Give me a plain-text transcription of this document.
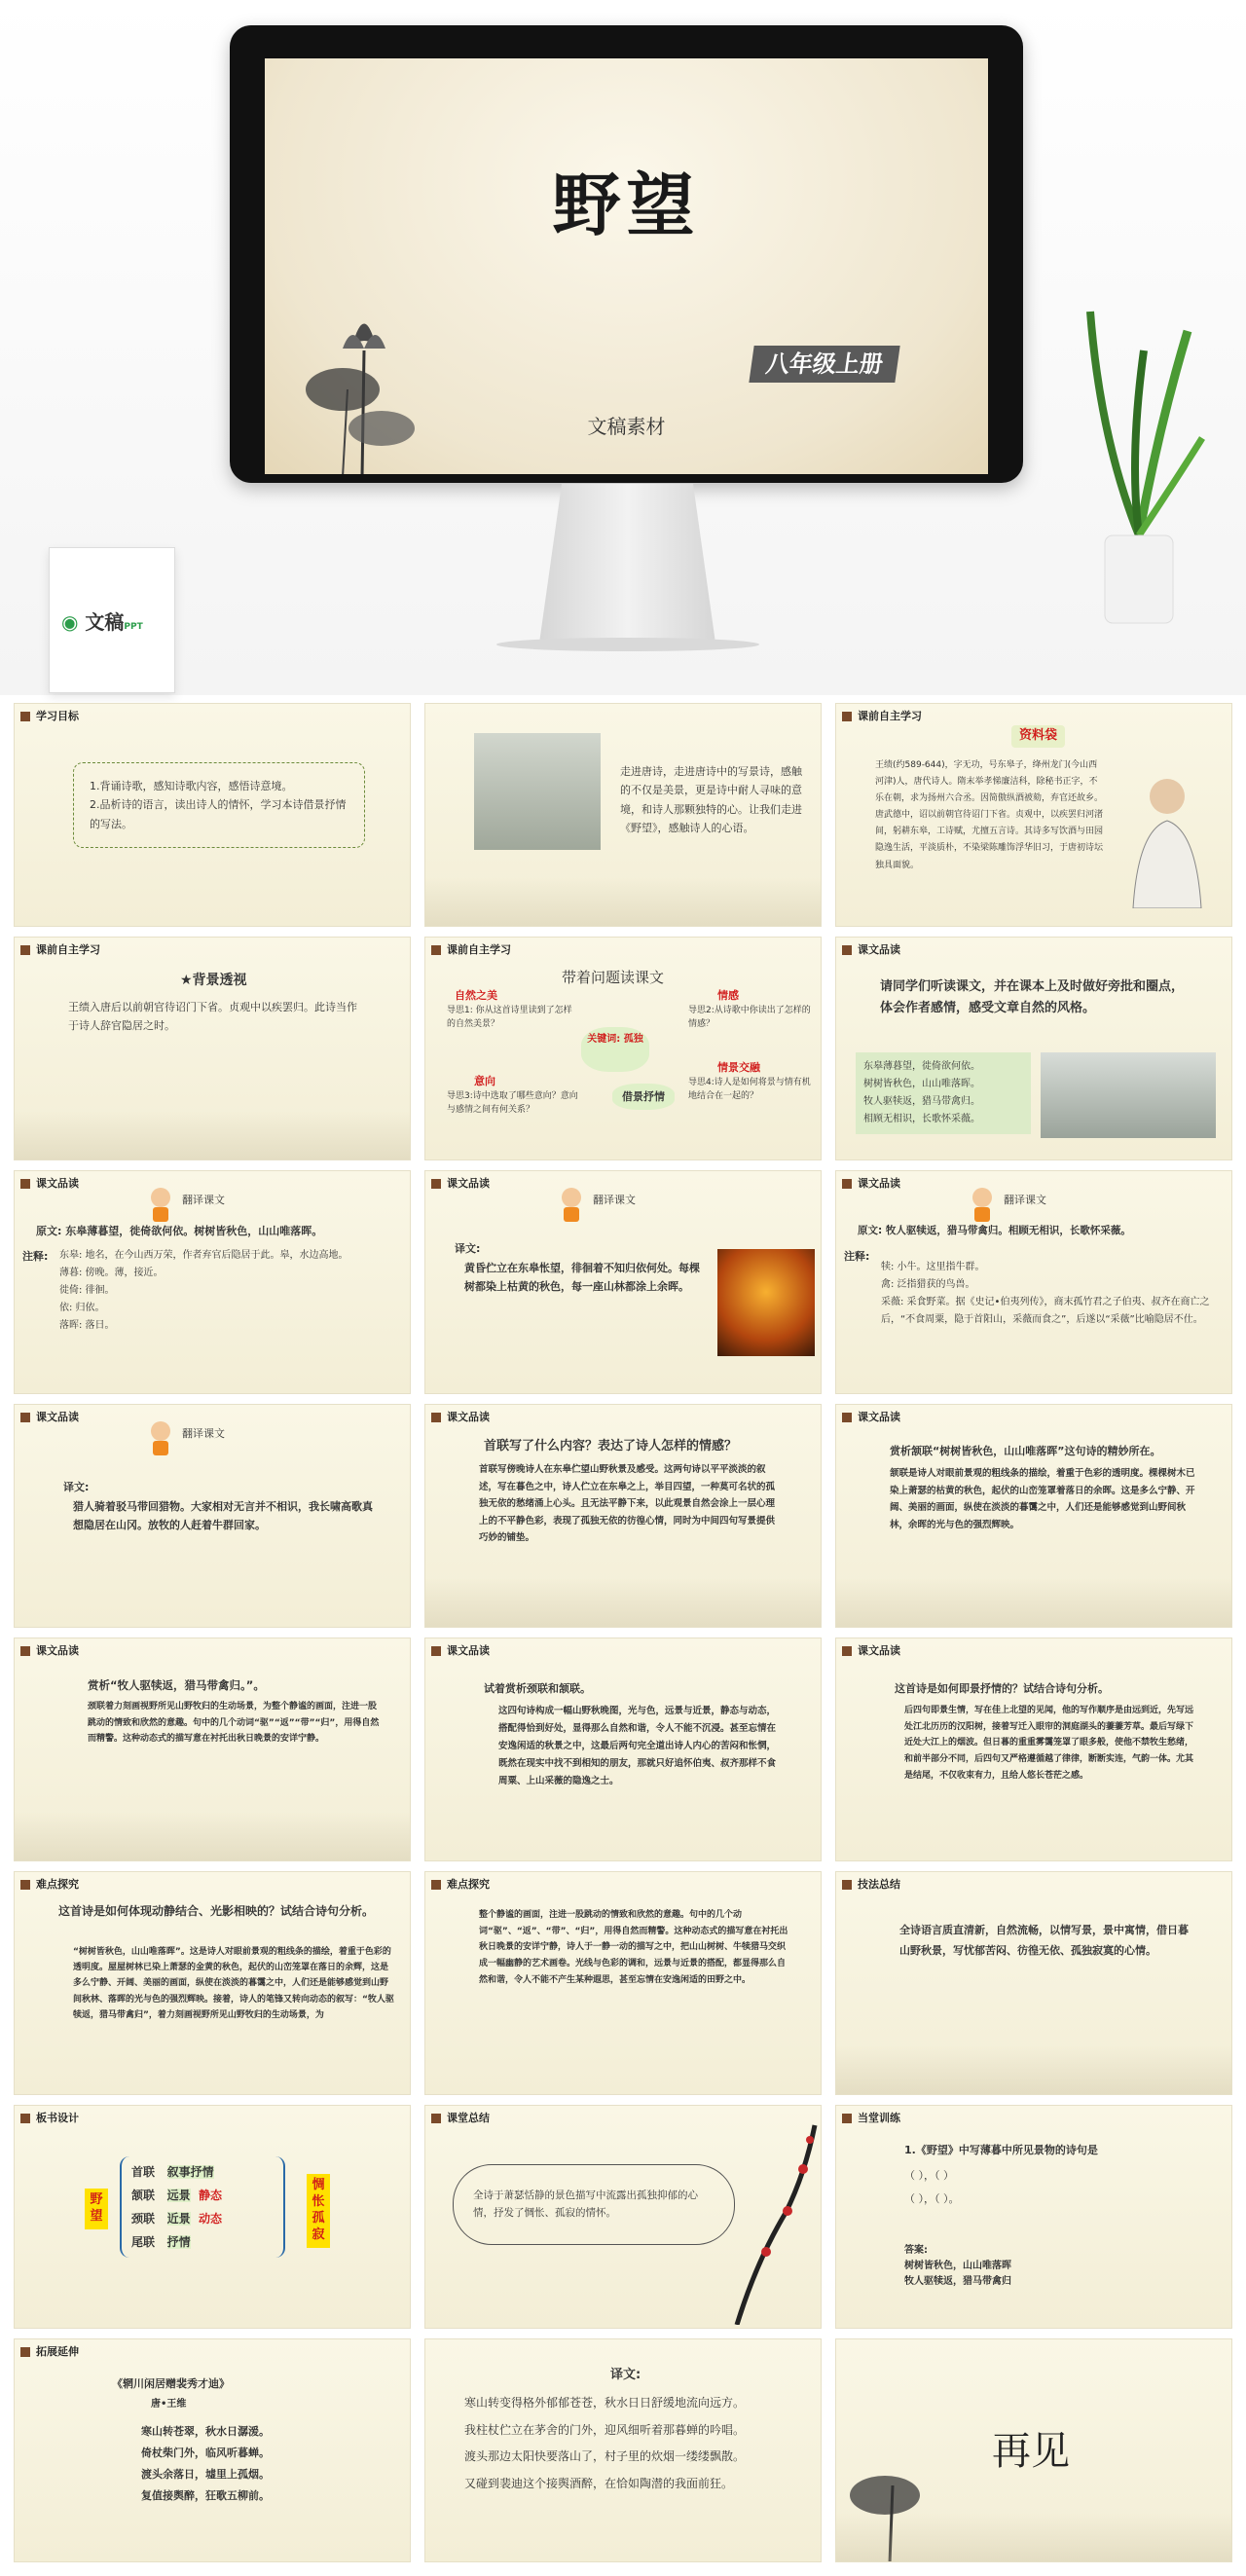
野望
八年级上册
文稿素材
◉ 文稿PPT
学习目标

1.背诵诗歌，感知诗歌内容，感悟诗意境。

2.品析诗的语言，读出诗人的情怀，学习本诗借景抒情的写法。

走进唐诗，走进唐诗中的写景诗，感触的不仅是美景，更是诗中耐人寻味的意境，和诗人那颗独特的心。让我们走进《野望》，感触诗人的心语。
课前自主学习
资料袋
王绩(约589-644)，字无功，号东皋子，绛州龙门(今山西河津)人，唐代诗人。隋末举孝悌廉洁科，除秘书正字，不乐在朝，求为扬州六合丞。因简傲纵酒被劾，弃官还故乡。唐武德中，诏以前朝官待诏门下省。贞观中，以疾罢归河渚间，躬耕东皋，工诗赋，尤擅五言诗。其诗多写饮酒与田园隐逸生活，平淡质朴，不染梁陈雕饰浮华旧习，于唐初诗坛独具面貌。
课前自主学习
★背景透视
王绩入唐后以前朝官待诏门下省。贞观中以疾罢归。此诗当作于诗人辞官隐居之时。
课前自主学习
带着问题读课文
自然之美
导思1: 你从这首诗里读到了怎样的自然美景？
意向
导思3:诗中选取了哪些意向？意向与感情之间有何关系？
关键词: 孤独
借景抒情
情感
导思2:从诗歌中你读出了怎样的情感？
情景交融
导思4:诗人是如何将景与情有机地结合在一起的？
课文品读
请同学们听读课文，并在课本上及时做好旁批和圈点，体会作者感情，感受文章自然的风格。
东皋薄暮望，徙倚欲何依。
树树皆秋色，山山唯落晖。
牧人驱犊返，猎马带禽归。
相顾无相识，长歌怀采薇。
课文品读
翻译课文
原文: 东皋薄暮望，徙倚欲何依。树树皆秋色，山山唯落晖。
注释: 东皋: 地名，在今山西万荣，作者弃官后隐居于此。皋，水边高地。
薄暮: 傍晚。薄，接近。
徙倚: 徘徊。
依: 归依。
落晖: 落日。
课文品读
翻译课文
译文:
黄昏伫立在东皋怅望，徘徊着不知归依何处。每棵树都染上枯黄的秋色，每一座山林都涂上余晖。
课文品读
翻译课文
原文: 牧人驱犊返，猎马带禽归。相顾无相识，长歌怀采薇。
注释:
犊: 小牛。这里指牛群。
禽: 泛指猎获的鸟兽。
采薇: 采食野菜。据《史记•伯夷列传》，商末孤竹君之子伯夷、叔齐在商亡之后，“不食周粟，隐于首阳山，采薇而食之”，后遂以“采薇”比喻隐居不仕。
课文品读
翻译课文
译文:
猎人骑着驳马带回猎物。大家相对无言并不相识，我长啸高歌真想隐居在山冈。放牧的人赶着牛群回家。
课文品读
首联写了什么内容？表达了诗人怎样的情感？
首联写傍晚诗人在东皋伫望山野秋景及感受。这两句诗以平平淡淡的叙述，写在暮色之中，诗人伫立在东皋之上，举目四望，一种莫可名状的孤独无依的愁绪涌上心头。且无法平静下来，以此观景自然会涂上一层心理上的不平静色彩，表现了孤独无依的彷徨心情，同时为中间四句写景提供巧妙的铺垫。
课文品读
赏析颔联“树树皆秋色，山山唯落晖”这句诗的精妙所在。
颔联是诗人对眼前景观的粗线条的描绘，着重于色彩的透明度。棵棵树木已染上萧瑟的枯黄的秋色，起伏的山峦笼罩着落日的余晖。这是多么宁静、开阔、美丽的画面，纵使在淡淡的暮霭之中，人们还是能够感觉到山野间秋林，余晖的光与色的强烈辉映。
课文品读
赏析“牧人驱犊返，猎马带禽归。”。
颈联着力刻画视野所见山野牧归的生动场景，为整个静谧的画面，注进一股跳动的情致和欣然的意趣。句中的几个动词“驱”“返”“带”“归”，用得自然而精警。这种动态式的描写意在衬托出秋日晚景的安详宁静。
课文品读
试着赏析颈联和颔联。
这四句诗构成一幅山野秋晚图，光与色，远景与近景，静态与动态，搭配得恰到好处，显得那么自然和谐，令人不能不沉浸。甚至忘情在安逸闲适的秋景之中，这最后两句完全道出诗人内心的苦闷和怅惘，既然在现实中找不到相知的朋友，那就只好追怀伯夷、叔齐那样不食周粟、上山采薇的隐逸之士。
课文品读
这首诗是如何即景抒情的？试结合诗句分析。
后四句即景生情，写在佳上北望的见闻，他的写作顺序是由远到近，先写远处江北历历的汉阳树，接着写迁入眼帘的洞庭湖头的萋萋芳草。最后写绿下近处大江上的烟波。但日暮的重重雾霭笼罩了眼多般，使他不禁牧生愁绪，和前半部分不同，后四句又严格遵循越了律律，断断实连，气韵一体。尤其是结尾，不仅收束有力，且给人悠长苍茫之感。
难点探究
这首诗是如何体现动静结合、光影相映的？试结合诗句分析。
“树树皆秋色，山山唯落晖”。这是诗人对眼前景观的粗线条的描绘，着重于色彩的透明度。屋屋树林已染上萧瑟的金黄的秋色，起伏的山峦笼罩在落日的余辉，这是多么宁静、开阔、美丽的画面，纵使在淡淡的暮霭之中，人们还是能够感觉到山野间秋林、落晖的光与色的强烈辉映。接着，诗人的笔锋又转向动态的叙写：“牧人驱犊返，猎马带禽归”，着力刻画视野所见山野牧归的生动场景，为
难点探究
整个静谧的画面，注进一股跳动的情致和欣然的意趣。句中的几个动词“驱”、“返”、“带”、“归”，用得自然而精警。这种动态式的描写意在衬托出秋日晚景的安详宁静，诗人于一静一动的描写之中，把山山树树、牛犊猎马交织成一幅幽静的艺术画卷。光线与色彩的调和，远景与近景的搭配，都显得那么自然和谐，令人不能不产生某种遐思，甚至忘情在安逸闲适的田野之中。
技法总结
全诗语言质直清新，自然流畅，以情写景，景中寓情，借日暮山野秋景，写忧郁苦闷、彷徨无依、孤独寂寞的心情。
板书设计
野望
首联 叙事抒情
颔联 远景 静态
颈联 近景 动态
尾联 抒情
惆怅孤寂
课堂总结
全诗于萧瑟恬静的景色描写中流露出孤独抑郁的心情，抒发了惆怅、孤寂的情怀。
当堂训练
1.《野望》中写薄暮中所见景物的诗句是
（ ），（ ）
（ ），（ ）。
答案:
树树皆秋色，山山唯落晖
牧人驱犊返，猎马带禽归
拓展延伸
《辋川闲居赠裴秀才迪》
唐•王维
寒山转苍翠，秋水日潺湲。
倚杖柴门外，临风听暮蝉。
渡头余落日，墟里上孤烟。
复值接舆醉，狂歌五柳前。
译文:
寒山转变得格外郁郁苍苍，秋水日日舒缓地流向远方。
我柱杖伫立在茅舍的门外，迎风细听着那暮蝉的吟唱。
渡头那边太阳快要落山了，村子里的炊烟一缕缕飘散。
又碰到裴迪这个接舆酒醉，在恰如陶潜的我面前狂。
再见
